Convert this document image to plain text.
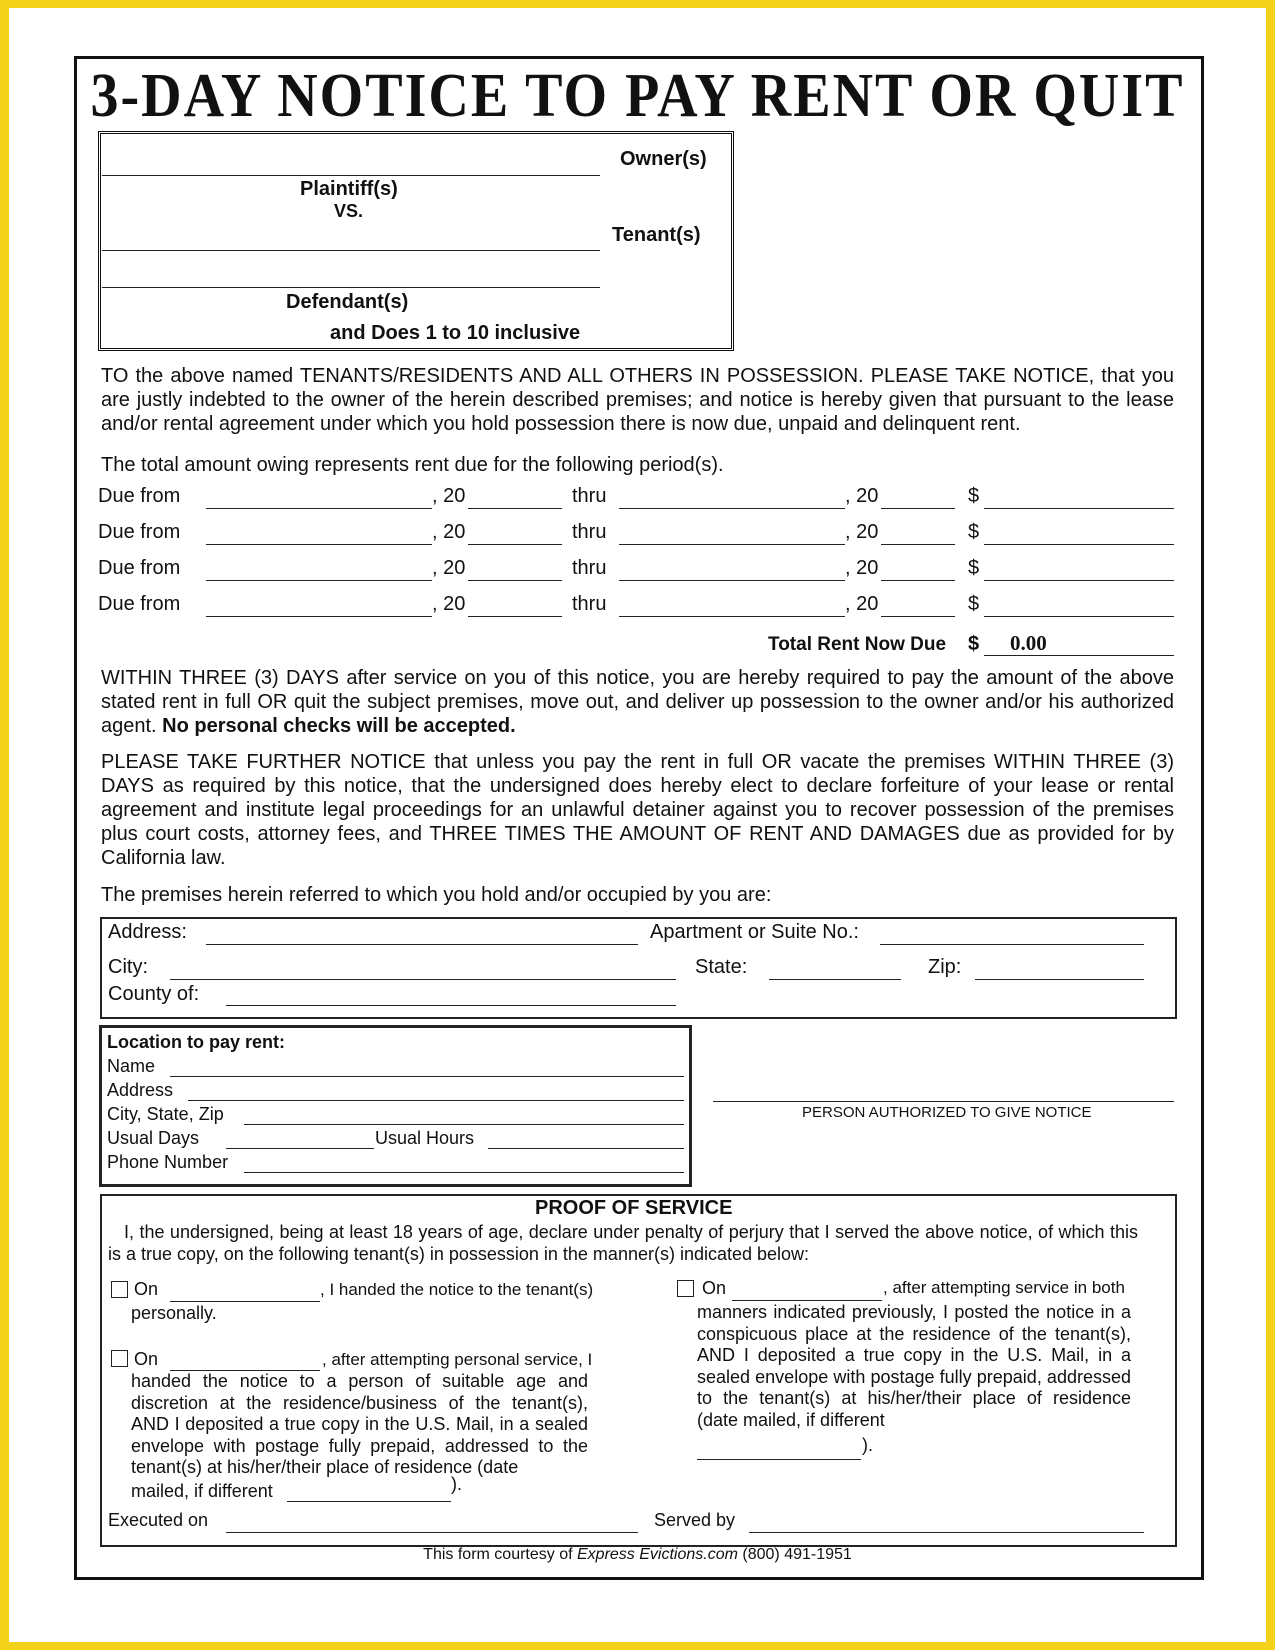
3-DAY NOTICE TO PAY RENT OR QUIT
Owner(s)
Plaintiff(s)
VS.
Tenant(s)
Defendant(s)
and Does 1 to 10 inclusive
TO the above named TENANTS/RESIDENTS AND ALL OTHERS IN POSSESSION. PLEASE TAKE NOTICE, that you are justly indebted to the owner of the herein described premises; and notice is hereby given that pursuant to the lease and/or rental agreement under which you hold possession there is now due, unpaid and delinquent rent.
The total amount owing represents rent due for the following period(s).
Due from	, 20	thru	, 20	$
Due from	, 20	thru	, 20	$
Due from	, 20	thru	, 20	$
Due from	, 20	thru	, 20	$
Total Rent Now Due $ 0.00
WITHIN THREE (3) DAYS after service on you of this notice, you are hereby required to pay the amount of the above stated rent in full OR quit the subject premises, move out, and deliver up possession to the owner and/or his authorized agent. No personal checks will be accepted.
PLEASE TAKE FURTHER NOTICE that unless you pay the rent in full OR vacate the premises WITHIN THREE (3) DAYS as required by this notice, that the undersigned does hereby elect to declare forfeiture of your lease or rental agreement and institute legal proceedings for an unlawful detainer against you to recover possession of the premises plus court costs, attorney fees, and THREE TIMES THE AMOUNT OF RENT AND DAMAGES due as provided for by California law.
The premises herein referred to which you hold and/or occupied by you are:
Address:	Apartment or Suite No.:
City:	State:	Zip:
County of:
Location to pay rent:
Name
Address
City, State, Zip
Usual Days	Usual Hours
Phone Number
PERSON AUTHORIZED TO GIVE NOTICE
PROOF OF SERVICE
I, the undersigned, being at least 18 years of age, declare under penalty of perjury that I served the above notice, of which this is a true copy, on the following tenant(s) in possession in the manner(s) indicated below:
On	, I handed the notice to the tenant(s)
personally.
On	, after attempting personal service, I
handed the notice to a person of suitable age and discretion at the residence/business of the tenant(s), AND I deposited a true copy in the U.S. Mail, in a sealed envelope with postage fully prepaid, addressed to the tenant(s) at his/her/their place of residence (date
mailed, if different	).
On	, after attempting service in both
manners indicated previously, I posted the notice in a conspicuous place at the residence of the tenant(s), AND I deposited a true copy in the U.S. Mail, in a sealed envelope with postage fully prepaid, addressed to the tenant(s) at his/her/their place of residence (date mailed, if different
).
Executed on	Served by
This form courtesy of Express Evictions.com (800) 491-1951
